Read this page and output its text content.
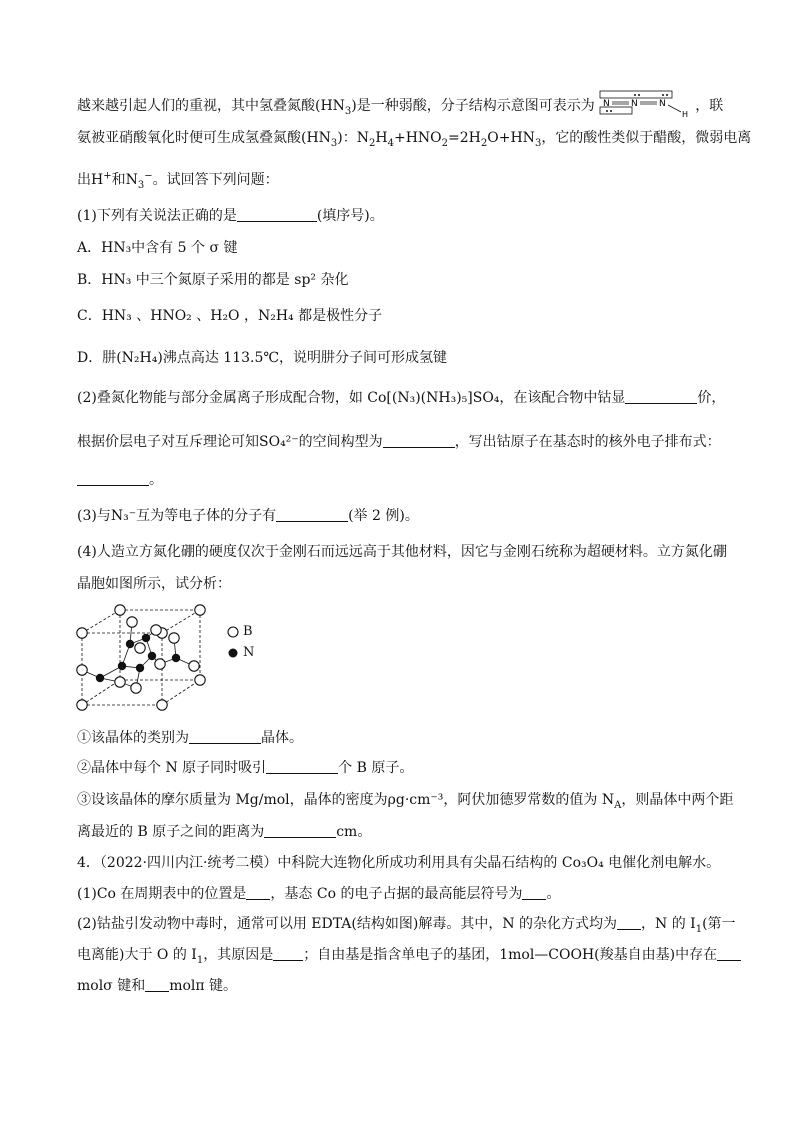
越来越引起人们的重视，其中氢叠氮酸$(HN_3)$是一种弱酸，分子结构示意图可表示为 N N N
H
，联
氨被亚硝酸氧化时便可生成氢叠氮酸$(HN_3)$：$N_2H_4+HNO_2=2H_2O+HN_3$，它的酸性类似于醋酸，微弱电离
出H+和$N_3^-$。试回答下列问题：
(1)下列有关说法正确的是	(填序号)。
A．HN₃中含有 5 个 σ 键
B．HN₃ 中三个氮原子采用的都是 sp² 杂化
C．HN₃ 、HNO₂ 、H₂O ，N₂H₄ 都是极性分子
D．肼(N₂H₄)沸点高达 113.5℃，说明肼分子间可形成氢键
(2)叠氮化物能与部分金属离子形成配合物，如 Co[(N₃)(NH₃)₅]SO₄，在该配合物中钴显	价，
根据价层电子对互斥理论可知SO₄²⁻的空间构型为	，写出钴原子在基态时的核外电子排布式：
。
(3)与N₃⁻互为等电子体的分子有	(举 2 例)。
(4)人造立方氮化硼的硬度仅次于金刚石而远远高于其他材料，因它与金刚石统称为超硬材料。立方氮化硼
晶胞如图所示，试分析：
B
N
①该晶体的类别为	晶体。
②晶体中每个 N 原子同时吸引	个 B 原子。
③设该晶体的摩尔质量为 Mg/mol，晶体的密度为ρg·cm⁻³，阿伏加德罗常数的值为 $N_A$，则晶体中两个距
离最近的 B 原子之间的距离为	cm。
4．（2022·四川内江·统考二模）中科院大连物化所成功利用具有尖晶石结构的 Co₃O₄ 电催化剂电解水。
(1)Co 在周期表中的位置是 ，基态 Co 的电子占据的最高能层符号为 。
(2)钴盐引发动物中毒时，通常可以用 EDTA(结构如图)解毒。其中，N 的杂化方式均为 ，N 的 $I_1$(第一
电离能)大于 O 的 $I_1$，其原因是 ；自由基是指含单电子的基团，1mol—COOH(羧基自由基)中存在
molσ 键和 molπ 键。
